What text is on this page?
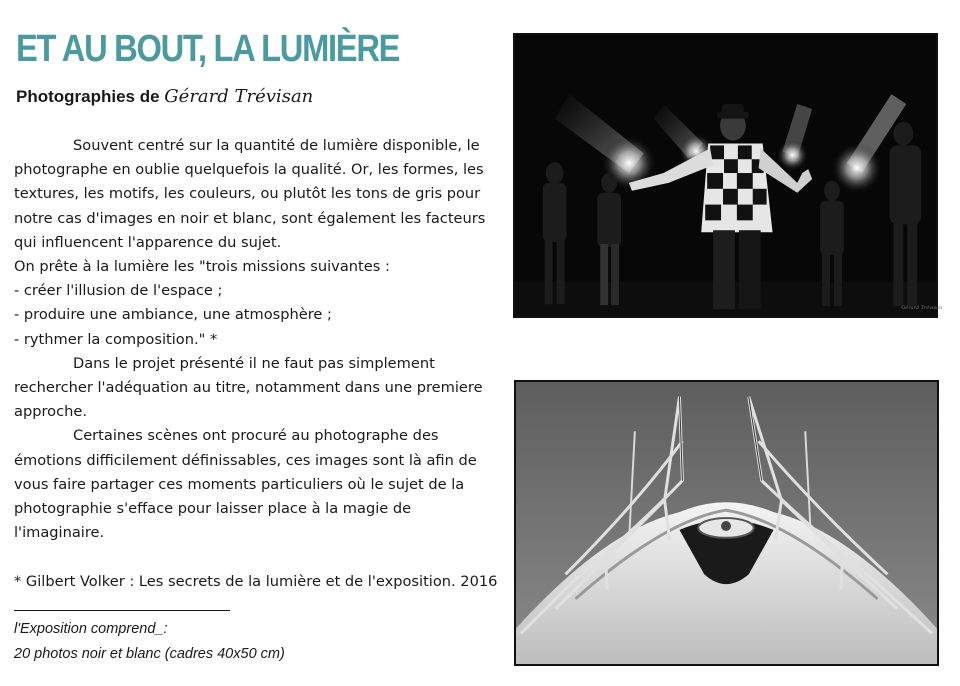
ET AU BOUT, LA LUMIÈRE

Photographies de Gérard Trévisan

Souvent centré sur la quantité de lumière disponible, le
photographe en oublie quelquefois la qualité. Or, les formes, les
textures, les motifs, les couleurs, ou plutôt les tons de gris pour
notre cas d'images en noir et blanc, sont également les facteurs
qui influencent l'apparence du sujet.
On prête à la lumière les "trois missions suivantes :
- créer l'illusion de l'espace ;
- produire une ambiance, une atmosphère ;
- rythmer la composition." *
Dans le projet présenté il ne faut pas simplement
rechercher l'adéquation au titre, notamment dans une premiere
approche.
Certaines scènes ont procuré au photographe des
émotions difficilement définissables, ces images sont là afin de
vous faire partager ces moments particuliers où le sujet de la
photographie s'efface pour laisser place à la magie de
l'imaginaire.

* Gilbert Volker : Les secrets de la lumière et de l'exposition. 2016
l'Exposition comprend_:
20 photos noir et blanc (cadres 40x50 cm)
Gérard Trévisan
